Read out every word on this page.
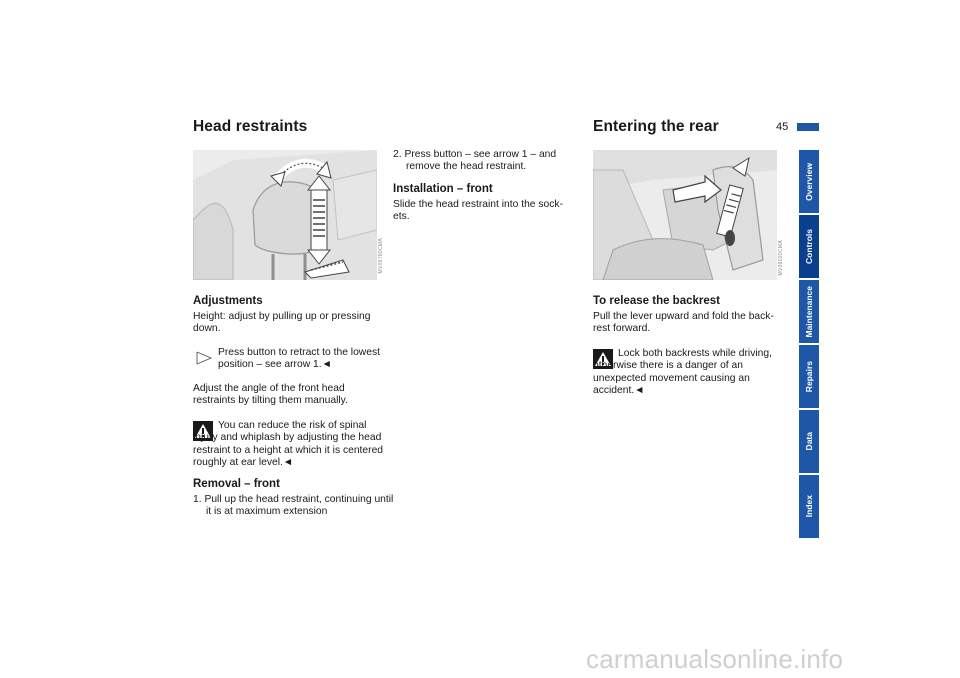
Head restraints
MV09780CMA
Adjustments
Height: adjust by pulling up or pressing down.
Press button to retract to the lowest position – see arrow 1.◄
Adjust the angle of the front head restraints by tilting them manually.
You can reduce the risk of spinal injury and whiplash by adjusting the head restraint to a height at which it is centered roughly at ear level.◄
Removal – front
1. Pull up the head restraint, continuing until it is at maximum extension
2. Press button – see arrow 1 – and remove the head restraint.
Installation – front
Slide the head restraint into the sock-ets.
Entering the rear	45
MV09020CMA
To release the backrest
Pull the lever upward and fold the back-rest forward.
Lock both backrests while driving, otherwise there is a danger of an unexpected movement causing an accident.◄
Overview
Controls
Maintenance
Repairs
Data
Index
carmanualsonline.info
